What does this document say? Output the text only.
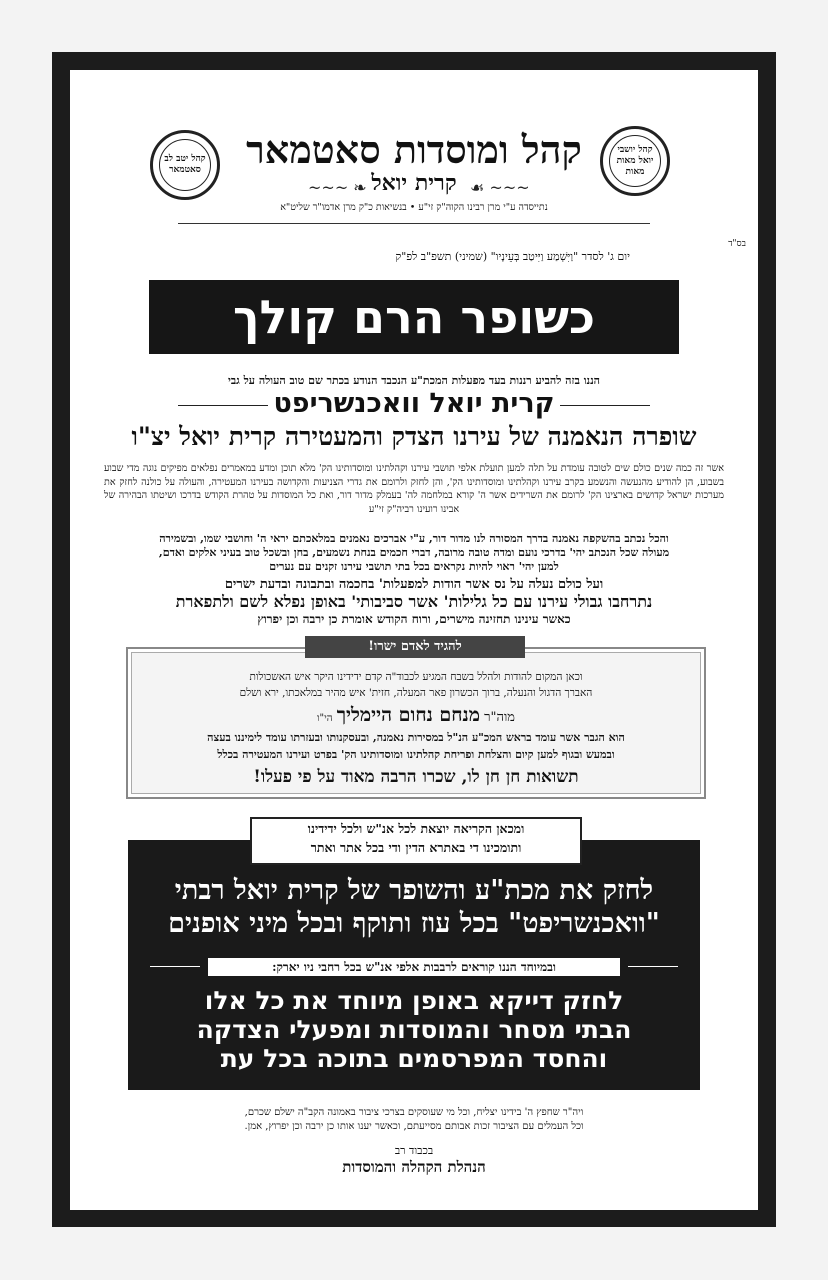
קהל יטב לב סאטמאר
קהל יושבי יואל מאות מאות
קהל ומוסדות סאטמאר
❧ ~~~	~~~ ☙
קרית יואל
נתייסדה ע"י מרן רבינו הקוה"ק זי"ע • בנשיאות כ"ק מרן אדמו"ר שליט"א
בס"ד
יום ג' לסדר "וַיִּשְׁמַע וַיִּיטַב בְּעֵינָיו" (שמיני) תשפ"ב לפ"ק
כשופר הרם קולך
הננו בזה להביע רננות בעד מפעלות המכת"ע הנכבד הנודע בכתר שם טוב העולה על גבי
קרית יואל וואכנשריפט
שופרה הנאמנה של עירנו הצדק והמעטירה קרית יואל יצ"ו
אשר זה כמה שנים כולם שים לטובה עומדת על תלה למען תועלת אלפי תושבי עירנו וקהלתינו ומוסדותינו הק' מלא תוכן ומדע במאמרים נפלאים מפיקים נוגה מדי שבוע בשבוע, הן להודיע מהנעשה והנשמע בקרב עירנו וקהלתינו ומוסדותינו הק', והן לחזק ולרומם את גדרי הצניעות והקדושה בעירנו המעטירה, והעולה על כולנה לחזק את מערכות ישראל קדושים בארצינו הק' לרומם את השרידים אשר ה' קורא במלחמה לה' בעמלק מדור דור, ואת כל המוסדות על טהרת הקודש בדרכו ושיטתו הבהירה של אבינו רועינו רביה"ק זי"ע
והכל נכתב בהשקפה נאמנה בדרך המסורה לנו מדור דור, ע"י אברכים נאמנים במלאכתם יראי ה' וחושבי שמו, ובשמירה מעולה שכל הנכתב יהי' בדרכי נועם ומדה טובה מרובה, דברי חכמים בנחת נשמעים, בחן ובשכל טוב בעיני אלקים ואדם, למען יהי' ראוי להיות נקראים בכל בתי תושבי עירנו זקנים עם נערים
ועל כולם נעלה על נס אשר הודות למפעלות' בחכמה ובתבונה ובדעת ישרים
נתרחבו גבולי עירנו עם כל גלילות' אשר סביבותי' באופן נפלא לשם ולתפארת
כאשר עינינו תחזינה מישרים, ורוח הקודש אומרת כן ירבה וכן יפרוץ
וכאן המקום להודות ולהלל בשבח המגיע לכבוד"ה קדם ידידינו היקר איש האשכולות
האברך הדגול והנעלה, ברוך הכשרון פאר המעלה, חזית' איש מהיר במלאכתו, ירא ושלם
מוה"ר מנחם נחום היימליך הי"ו
הוא הגבר אשר עומד בראש המכ"ע הנ"ל במסירות נאמנה, ובעסקנותו ובעזרתו עומד לימיננו בעצה
ובמעש ובגוף למען קיום והצלחת ופריחת קהלתינו ומוסדותינו הק' בפרט ועירנו המעטירה בכלל
תשואות חן חן לו, שכרו הרבה מאוד על פי פעלו!
להגיד לאדם ישרו!
ומכאן הקריאה יוצאת לכל אנ"ש ולכל ידידינו
ותומכינו די באתרא הדין ודי בכל אתר ואתר
לחזק את מכת"ע והשופר של קרית יואל רבתי
"וואכנשריפט" בכל עוז ותוקף ובכל מיני אופנים
ובמיוחד הננו קוראים לרבבות אלפי אנ"ש בכל רחבי ניו יארק:
לחזק דייקא באופן מיוחד את כל אלו
הבתי מסחר והמוסדות ומפעלי הצדקה
והחסד המפרסמים בתוכה בכל עת
ויה"ר שחפץ ה' בידינו יצליח, וכל מי שעוסקים בצרכי ציבור באמונה הקב"ה ישלם שכרם,
וכל העמלים עם הציבור זכות אבותם מסייעתם, וכאשר יענו אותו כן ירבה וכן יפרוץ, אמן.
בכבוד רב
הנהלת הקהלה והמוסדות
